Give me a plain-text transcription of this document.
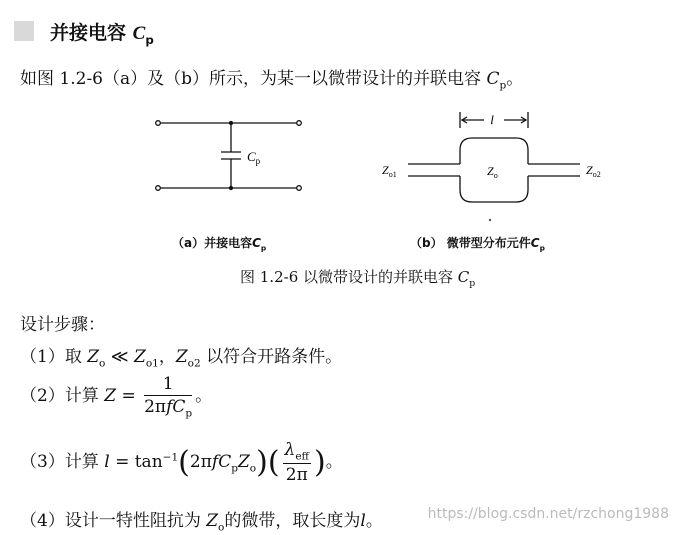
并接电容 $C_p$
如图 1.2-6（a）及（b）所示，为某一以微带设计的并联电容 $C_p$。
$C_p$
l
$Z_{o1}$	$Z_o$	$Z_{o2}$
（a）并接电容$C_p$	（b） 微带型分布元件$C_p$
图 1.2-6 以微带设计的并联电容 $C_p$
设计步骤：
（1）取 $Z_o$ ≪ $Z_{o1}$，$Z_{o2}$ 以符合开路条件。
（2）计算 $Z = \frac{1}{2\pi fC_p}$ 。
（3）计算 $l = \tan^{-1}(2\pi fC_pZ_o)( \frac{\lambda_{eff}}{2\pi}$ )。
（4）设计一特性阻抗为 $Z_o$的微带，取长度为l。	https://blog.csdn.net/rzchong1988
